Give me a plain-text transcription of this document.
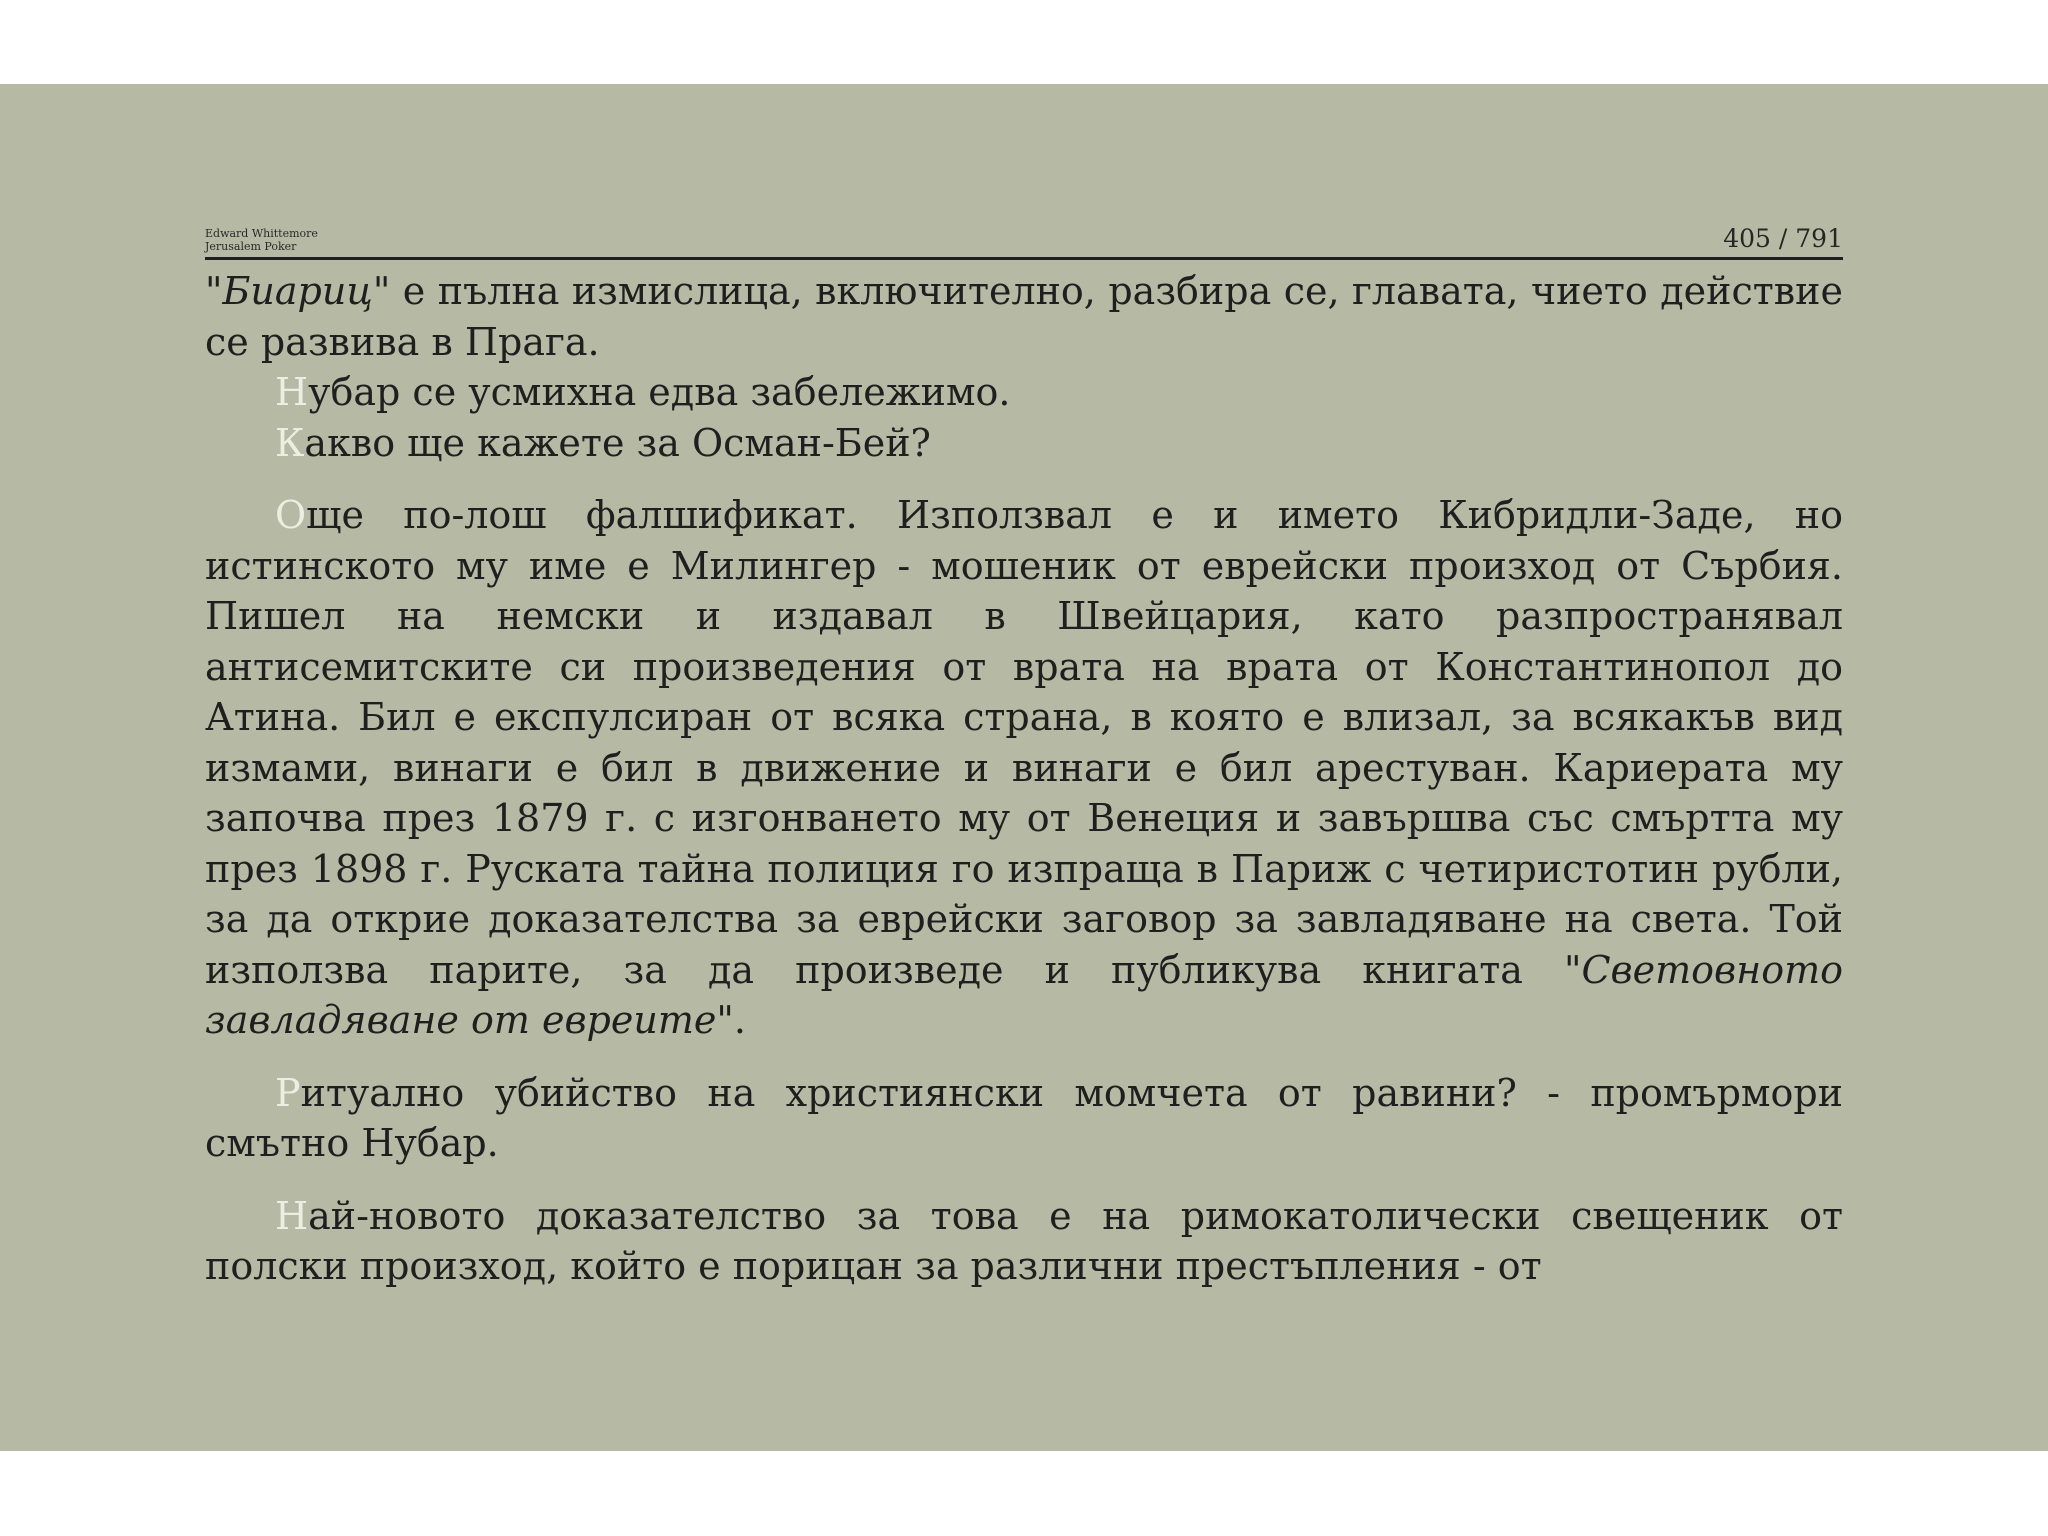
Edward Whittemore
Jerusalem Poker	405 / 791

"Биариц" е пълна измислица, включително, разбира се, главата, чието действие се развива в Прага.

Нубар се усмихна едва забележимо.

Какво ще кажете за Осман-Бей?

Още по-лош фалшификат. Използвал е и името Кибридли-Заде, но истинското му име е Милингер - мошеник от еврейски произход от Сърбия. Пишел на немски и издавал в Швейцария, като разпространявал антисемитските си произведения от врата на врата от Константинопол до Атина. Бил е експулсиран от всяка страна, в която е влизал, за всякакъв вид измами, винаги е бил в движение и винаги е бил арестуван. Кариерата му започва през 1879 г. с изгонването му от Венеция и завършва със смъртта му през 1898 г. Руската тайна полиция го изпраща в Париж с четиристотин рубли, за да открие доказателства за еврейски заговор за завладяване на света. Той използва парите, за да произведе и публикува книгата "Световното завладяване от евреите".

Ритуално убийство на християнски момчета от равини? - промърмори смътно Нубар.

Най-новото доказателство за това е на римокатолически свещеник от полски произход, който е порицан за различни престъпления - от
